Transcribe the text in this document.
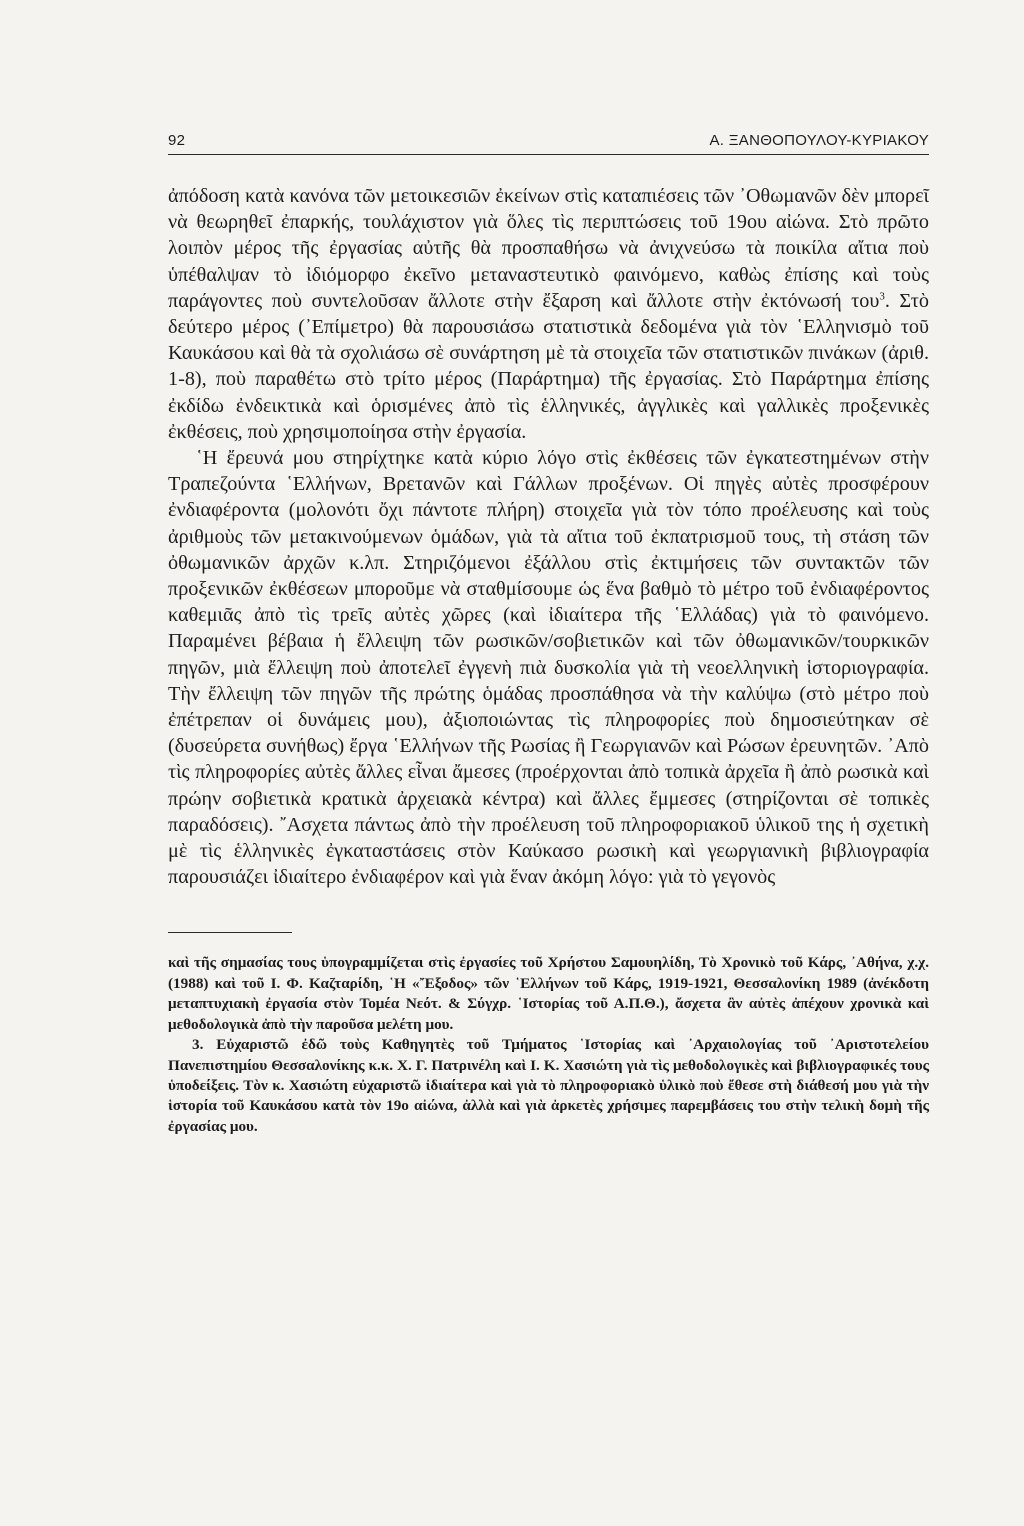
92	Α. ΞΑΝΘΟΠΟΥΛΟΥ-ΚΥΡΙΑΚΟΥ

ἀπόδοση κατὰ κανόνα τῶν μετοικεσιῶν ἐκείνων στὶς καταπιέσεις τῶν ᾿Οθωμανῶν δὲν μπορεῖ νὰ θεωρηθεῖ ἐπαρκής, τουλάχιστον γιὰ ὅλες τὶς περιπτώσεις τοῦ 19ου αἰώνα. Στὸ πρῶτο λοιπὸν μέρος τῆς ἐργασίας αὐτῆς θὰ προσπαθήσω νὰ ἀνιχνεύσω τὰ ποικίλα αἴτια ποὺ ὑπέθαλψαν τὸ ἰδιόμορφο ἐκεῖνο μεταναστευτικὸ φαινόμενο, καθὼς ἐπίσης καὶ τοὺς παράγοντες ποὺ συντελοῦσαν ἄλλοτε στὴν ἔξαρση καὶ ἄλλοτε στὴν ἐκτόνωσή του$^3$. Στὸ δεύτερο μέρος (᾿Επίμετρο) θὰ παρουσιάσω στατιστικὰ δεδομένα γιὰ τὸν ῾Ελληνισμὸ τοῦ Καυκάσου καὶ θὰ τὰ σχολιάσω σὲ συνάρτηση μὲ τὰ στοιχεῖα τῶν στατιστικῶν πινάκων (ἀριθ. 1-8), ποὺ παραθέτω στὸ τρίτο μέρος (Παράρτημα) τῆς ἐργασίας. Στὸ Παράρτημα ἐπίσης ἐκδίδω ἐνδεικτικὰ καὶ ὁρισμένες ἀπὸ τὶς ἑλληνικές, ἀγγλικὲς καὶ γαλλικὲς προξενικὲς ἐκθέσεις, ποὺ χρησιμοποίησα στὴν ἐργασία.

῾Η ἔρευνά μου στηρίχτηκε κατὰ κύριο λόγο στὶς ἐκθέσεις τῶν ἐγκατεστημένων στὴν Τραπεζούντα ῾Ελλήνων, Βρετανῶν καὶ Γάλλων προξένων. Οἱ πηγὲς αὐτὲς προσφέρουν ἐνδιαφέροντα (μολονότι ὄχι πάντοτε πλήρη) στοιχεῖα γιὰ τὸν τόπο προέλευσης καὶ τοὺς ἀριθμοὺς τῶν μετακινούμενων ὁμάδων, γιὰ τὰ αἴτια τοῦ ἐκπατρισμοῦ τους, τὴ στάση τῶν ὀθωμανικῶν ἀρχῶν κ.λπ. Στηριζόμενοι ἐξάλλου στὶς ἐκτιμήσεις τῶν συντακτῶν τῶν προξενικῶν ἐκθέσεων μποροῦμε νὰ σταθμίσουμε ὡς ἕνα βαθμὸ τὸ μέτρο τοῦ ἐνδιαφέροντος καθεμιᾶς ἀπὸ τὶς τρεῖς αὐτὲς χῶρες (καὶ ἰδιαίτερα τῆς ῾Ελλάδας) γιὰ τὸ φαινόμενο. Παραμένει βέβαια ἡ ἔλλειψη τῶν ρωσικῶν/σοβιετικῶν καὶ τῶν ὀθωμανικῶν/τουρκικῶν πηγῶν, μιὰ ἔλλειψη ποὺ ἀποτελεῖ ἐγγενὴ πιὰ δυσκολία γιὰ τὴ νεοελληνικὴ ἱστοριογραφία. Τὴν ἔλλειψη τῶν πηγῶν τῆς πρώτης ὁμάδας προσπάθησα νὰ τὴν καλύψω (στὸ μέτρο ποὺ ἐπέτρεπαν οἱ δυνάμεις μου), ἀξιοποιώντας τὶς πληροφορίες ποὺ δημοσιεύτηκαν σὲ (δυσεύρετα συνήθως) ἔργα ῾Ελλήνων τῆς Ρωσίας ἢ Γεωργιανῶν καὶ Ρώσων ἐρευνητῶν. ᾿Απὸ τὶς πληροφορίες αὐτὲς ἄλλες εἶναι ἄμεσες (προέρχονται ἀπὸ τοπικὰ ἀρχεῖα ἢ ἀπὸ ρωσικὰ καὶ πρώην σοβιετικὰ κρατικὰ ἀρχειακὰ κέντρα) καὶ ἄλλες ἔμμεσες (στηρίζονται σὲ τοπικὲς παραδόσεις). ῎Ασχετα πάντως ἀπὸ τὴν προέλευση τοῦ πληροφοριακοῦ ὑλικοῦ της ἡ σχετικὴ μὲ τὶς ἑλληνικὲς ἐγκαταστάσεις στὸν Καύκασο ρωσικὴ καὶ γεωργιανικὴ βιβλιογραφία παρουσιάζει ἰδιαίτερο ἐνδιαφέρον καὶ γιὰ ἕναν ἀκόμη λόγο: γιὰ τὸ γεγονὸς

καὶ τῆς σημασίας τους ὑπογραμμίζεται στὶς ἐργασίες τοῦ Χρήστου Σαμουηλίδη, Τὸ Χρονικὸ τοῦ Κάρς, ᾿Αθήνα, χ.χ. (1988) καὶ τοῦ Ι. Φ. Καζταρίδη, ῾Η «῎Εξοδος» τῶν ῾Ελλήνων τοῦ Κάρς, 1919-1921, Θεσσαλονίκη 1989 (ἀνέκδοτη μεταπτυχιακὴ ἐργασία στὸν Τομέα Νεότ. & Σύγχρ. ῾Ιστορίας τοῦ Α.Π.Θ.), ἄσχετα ἂν αὐτὲς ἀπέχουν χρονικὰ καὶ μεθοδολογικὰ ἀπὸ τὴν παροῦσα μελέτη μου.

3. Εὐχαριστῶ ἐδῶ τοὺς Καθηγητὲς τοῦ Τμήματος ῾Ιστορίας καὶ ᾿Αρχαιολογίας τοῦ ᾿Αριστοτελείου Πανεπιστημίου Θεσσαλονίκης κ.κ. Χ. Γ. Πατρινέλη καὶ Ι. Κ. Χασιώτη γιὰ τὶς μεθοδολογικὲς καὶ βιβλιογραφικές τους ὑποδείξεις. Τὸν κ. Χασιώτη εὐχαριστῶ ἰδιαίτερα καὶ γιὰ τὸ πληροφοριακὸ ὑλικὸ ποὺ ἔθεσε στὴ διάθεσή μου γιὰ τὴν ἱστορία τοῦ Καυκάσου κατὰ τὸν 19ο αἰώνα, ἀλλὰ καὶ γιὰ ἀρκετὲς χρήσιμες παρεμβάσεις του στὴν τελικὴ δομὴ τῆς ἐργασίας μου.
